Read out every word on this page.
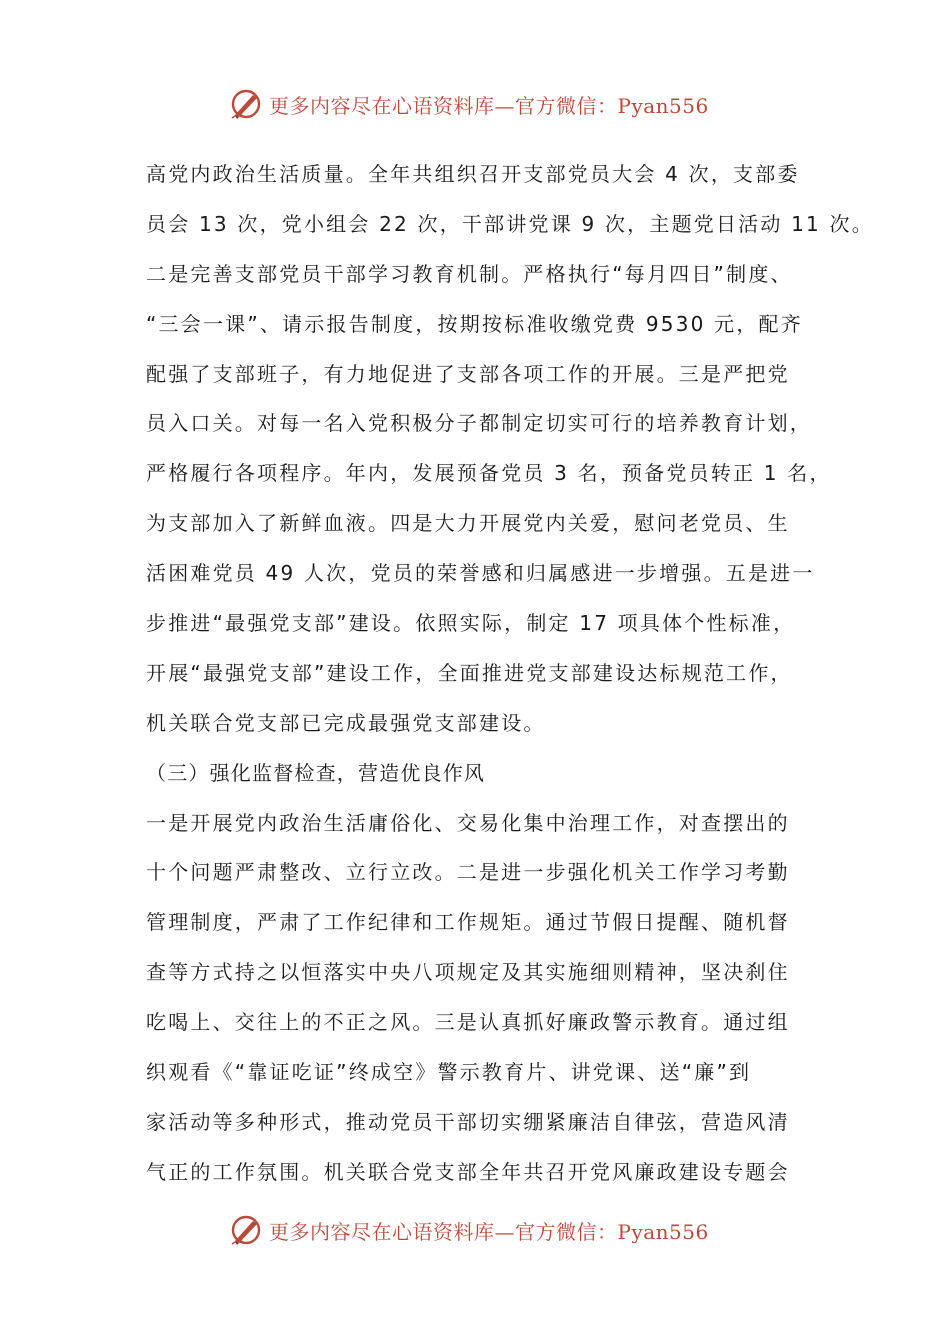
更多内容尽在心语资料库—官方微信：Pyan556
高党内政治生活质量。全年共组织召开支部党员大会 4 次，支部委
员会 13 次，党小组会 22 次，干部讲党课 9 次，主题党日活动 11 次。
二是完善支部党员干部学习教育机制。严格执行“每月四日”制度、
“三会一课”、请示报告制度，按期按标准收缴党费 9530 元，配齐
配强了支部班子，有力地促进了支部各项工作的开展。三是严把党
员入口关。对每一名入党积极分子都制定切实可行的培养教育计划，
严格履行各项程序。年内，发展预备党员 3 名，预备党员转正 1 名，
为支部加入了新鲜血液。四是大力开展党内关爱，慰问老党员、生
活困难党员 49 人次，党员的荣誉感和归属感进一步增强。五是进一
步推进“最强党支部”建设。依照实际，制定 17 项具体个性标准，
开展“最强党支部”建设工作，全面推进党支部建设达标规范工作，
机关联合党支部已完成最强党支部建设。
（三）强化监督检查，营造优良作风
一是开展党内政治生活庸俗化、交易化集中治理工作，对查摆出的
十个问题严肃整改、立行立改。二是进一步强化机关工作学习考勤
管理制度，严肃了工作纪律和工作规矩。通过节假日提醒、随机督
查等方式持之以恒落实中央八项规定及其实施细则精神，坚决刹住
吃喝上、交往上的不正之风。三是认真抓好廉政警示教育。通过组
织观看《“靠证吃证”终成空》警示教育片、讲党课、送“廉”到
家活动等多种形式，推动党员干部切实绷紧廉洁自律弦，营造风清
气正的工作氛围。机关联合党支部全年共召开党风廉政建设专题会
更多内容尽在心语资料库—官方微信：Pyan556
